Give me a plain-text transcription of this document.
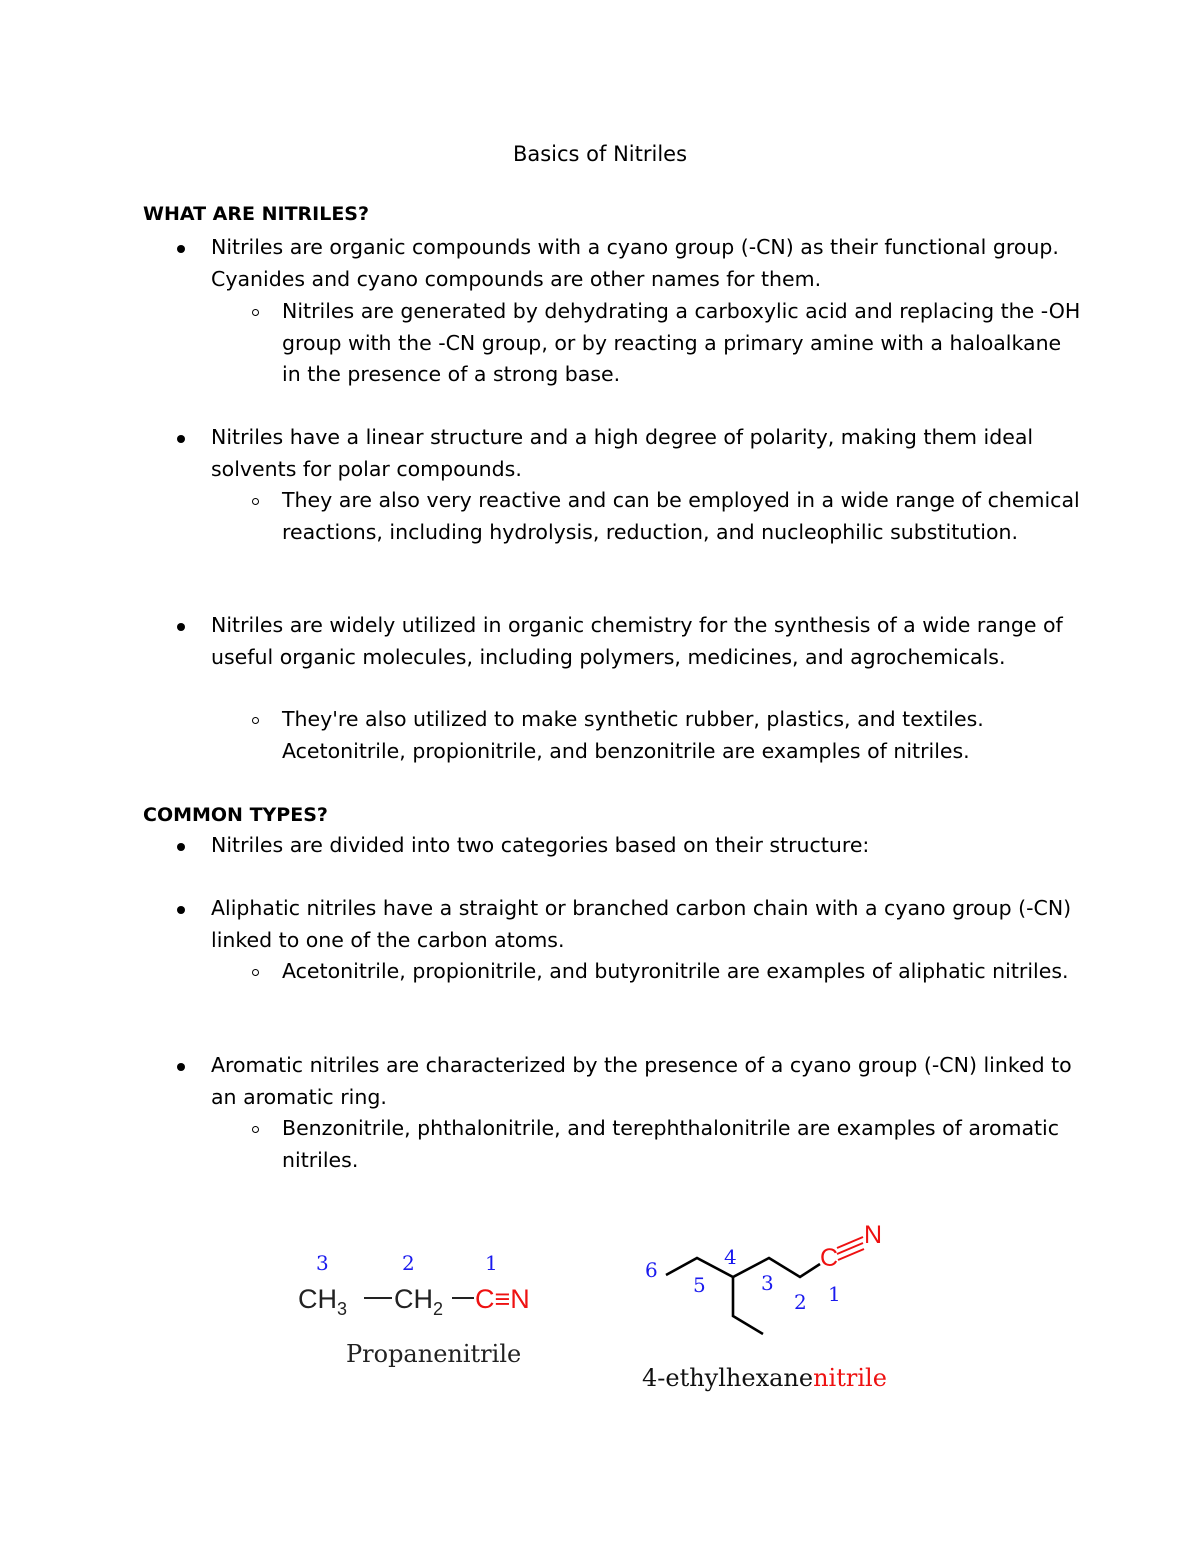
Basics of Nitriles
WHAT ARE NITRILES?
Nitriles are organic compounds with a cyano group (-CN) as their functional group. Cyanides and cyano compounds are other names for them.
Nitriles are generated by dehydrating a carboxylic acid and replacing the -OH group with the -CN group, or by reacting a primary amine with a haloalkane in the presence of a strong base.
Nitriles have a linear structure and a high degree of polarity, making them ideal solvents for polar compounds.
They are also very reactive and can be employed in a wide range of chemical reactions, including hydrolysis, reduction, and nucleophilic substitution.
Nitriles are widely utilized in organic chemistry for the synthesis of a wide range of useful organic molecules, including polymers, medicines, and agrochemicals.
They're also utilized to make synthetic rubber, plastics, and textiles. Acetonitrile, propionitrile, and benzonitrile are examples of nitriles.
COMMON TYPES?
Nitriles are divided into two categories based on their structure:
Aliphatic nitriles have a straight or branched carbon chain with a cyano group (-CN) linked to one of the carbon atoms.
Acetonitrile, propionitrile, and butyronitrile are examples of aliphatic nitriles.
Aromatic nitriles are characterized by the presence of a cyano group (-CN) linked to an aromatic ring.
Benzonitrile, phthalonitrile, and terephthalonitrile are examples of aromatic nitriles.
3	2	1
$CH_3$ $CH_2$ C≡N
Propanenitrile
C
N
6
5
4
3
2 1
4-ethylhexanenitrile
